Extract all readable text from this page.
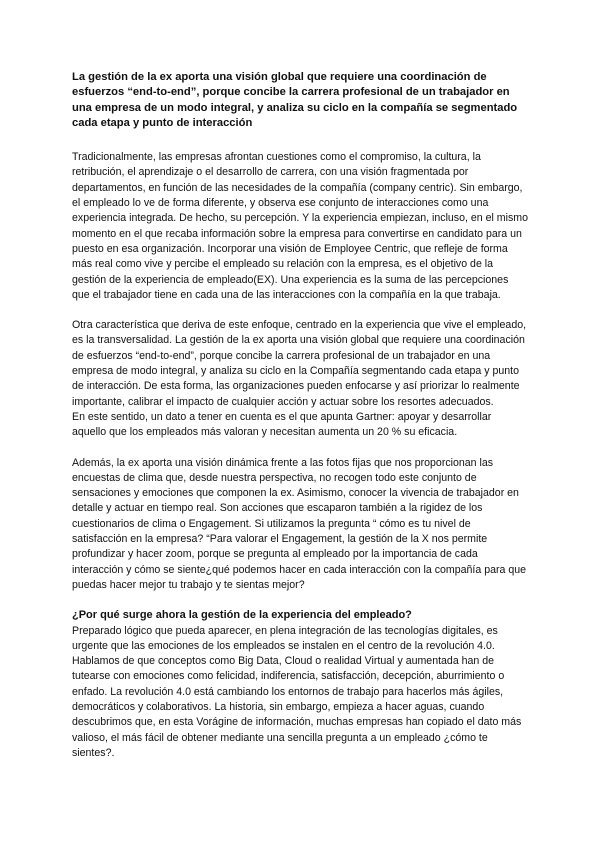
La gestión de la ex aporta una visión global que requiere una coordinación de esfuerzos “end-to-end”, porque concibe la carrera profesional de un trabajador en una empresa de un modo integral, y analiza su ciclo en la compañía se segmentado cada etapa y punto de interacción

Tradicionalmente, las empresas afrontan cuestiones como el compromiso, la cultura, la retribución, el aprendizaje o el desarrollo de carrera, con una visión fragmentada por departamentos, en función de las necesidades de la compañía (company centric). Sin embargo, el empleado lo ve de forma diferente, y observa ese conjunto de interacciones como una experiencia integrada. De hecho, su percepción. Y la experiencia empiezan, incluso, en el mismo momento en el que recaba información sobre la empresa para convertirse en candidato para un puesto en esa organización. Incorporar una visión de Employee Centric, que refleje de forma más real como vive y percibe el empleado su relación con la empresa, es el objetivo de la gestión de la experiencia de empleado(EX). Una experiencia es la suma de las percepciones que el trabajador tiene en cada una de las interacciones con la compañía en la que trabaja.

Otra característica que deriva de este enfoque, centrado en la experiencia que vive el empleado, es la transversalidad. La gestión de la ex aporta una visión global que requiere una coordinación de esfuerzos “end-to-end”, porque concibe la carrera profesional de un trabajador en una empresa de modo integral, y analiza su ciclo en la Compañía segmentando cada etapa y punto de interacción. De esta forma, las organizaciones pueden enfocarse y así priorizar lo realmente importante, calibrar el impacto de cualquier acción y actuar sobre los resortes adecuados.

En este sentido, un dato a tener en cuenta es el que apunta Gartner: apoyar y desarrollar aquello que los empleados más valoran y necesitan aumenta un 20 % su eficacia.

Además, la ex aporta una visión dinámica frente a las fotos fijas que nos proporcionan las encuestas de clima que, desde nuestra perspectiva, no recogen todo este conjunto de sensaciones y emociones que componen la ex. Asimismo, conocer la vivencia de trabajador en detalle y actuar en tiempo real. Son acciones que escaparon también a la rigidez de los cuestionarios de clima o Engagement. Si utilizamos la pregunta “ cómo es tu nivel de satisfacción en la empresa? “Para valorar el Engagement, la gestión de la X nos permite profundizar y hacer zoom, porque se pregunta al empleado por la importancia de cada interacción y cómo se siente¿qué podemos hacer en cada interacción con la compañía para que puedas hacer mejor tu trabajo y te sientas mejor?

¿Por qué surge ahora la gestión de la experiencia del empleado?

Preparado lógico que pueda aparecer, en plena integración de las tecnologías digitales, es urgente que las emociones de los empleados se instalen en el centro de la revolución 4.0. Hablamos de que conceptos como Big Data, Cloud o realidad Virtual y aumentada han de tutearse con emociones como felicidad, indiferencia, satisfacción, decepción, aburrimiento o enfado. La revolución 4.0 está cambiando los entornos de trabajo para hacerlos más ágiles, democráticos y colaborativos. La historia, sin embargo, empieza a hacer aguas, cuando descubrimos que, en esta Vorágine de información, muchas empresas han copiado el dato más valioso, el más fácil de obtener mediante una sencilla pregunta a un empleado ¿cómo te sientes?.
